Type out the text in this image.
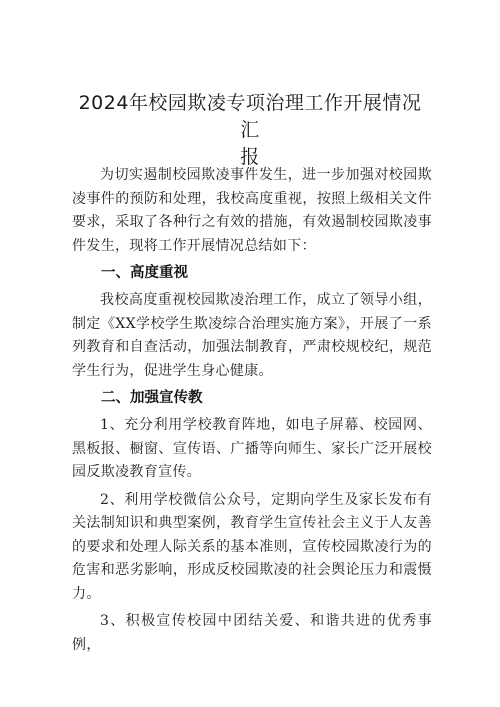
2024年校园欺凌专项治理工作开展情况汇
报

为切实遏制校园欺凌事件发生，进一步加强对校园欺凌事件的预防和处理，我校高度重视，按照上级相关文件要求，采取了各种行之有效的措施，有效遏制校园欺凌事件发生，现将工作开展情况总结如下：

一、高度重视

我校高度重视校园欺凌治理工作，成立了领导小组，制定《XX学校学生欺凌综合治理实施方案》，开展了一系列教育和自查活动，加强法制教育，严肃校规校纪，规范学生行为，促进学生身心健康。

二、加强宣传教

1、充分利用学校教育阵地，如电子屏幕、校园网、黑板报、橱窗、宣传语、广播等向师生、家长广泛开展校园反欺凌教育宣传。

2、利用学校微信公众号，定期向学生及家长发布有关法制知识和典型案例，教育学生宣传社会主义于人友善的要求和处理人际关系的基本准则，宣传校园欺凌行为的危害和恶劣影响，形成反校园欺凌的社会舆论压力和震慑力。

3、积极宣传校园中团结关爱、和谐共进的优秀事例，
